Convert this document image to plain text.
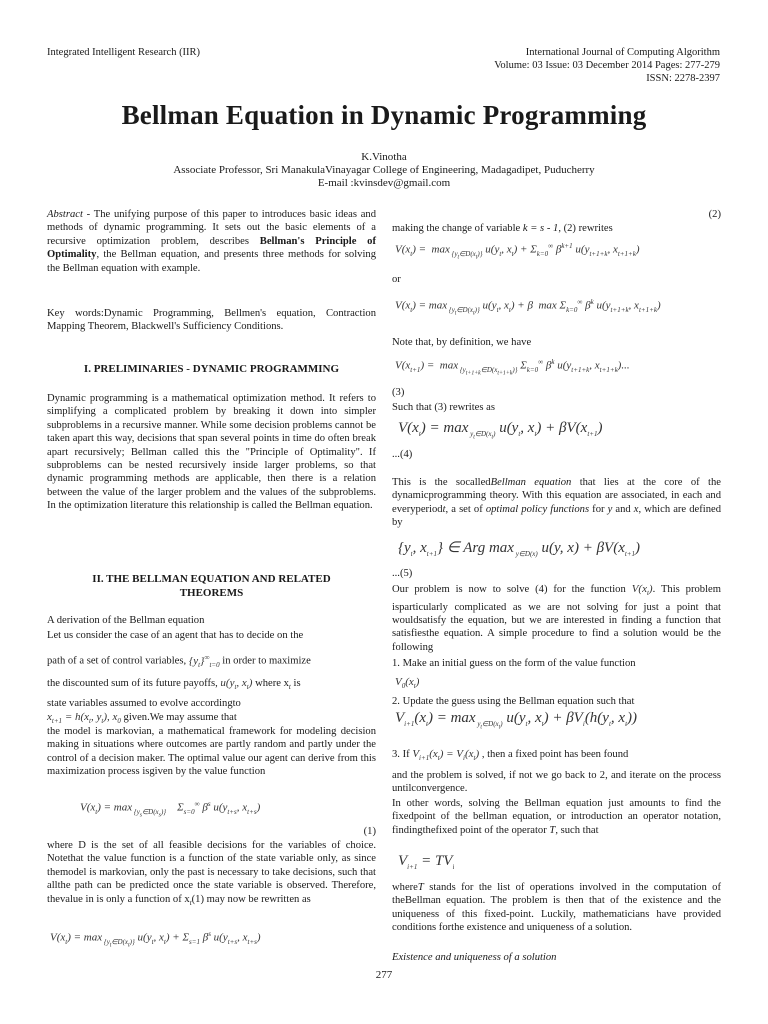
Integrated Intelligent Research (IIR)	International Journal of Computing Algorithm
Volume: 03 Issue: 03 December 2014 Pages: 277-279
ISSN: 2278-2397
Bellman Equation in Dynamic Programming
K.Vinotha
Associate Professor, Sri ManakulaVinayagar College of Engineering, Madagadipet, Puducherry
E-mail :kvinsdev@gmail.com

Abstract - The unifying purpose of this paper to introduces basic ideas and methods of dynamic programming. It sets out the basic elements of a recursive optimization problem, describes Bellman's Principle of Optimality, the Bellman equation, and presents three methods for solving the Bellman equation with example.

Key words:Dynamic Programming, Bellmen's equation, Contraction Mapping Theorem, Blackwell's Sufficiency Conditions.
I. PRELIMINARIES - DYNAMIC PROGRAMMING
Dynamic programming is a mathematical optimization method. It refers to simplifying a complicated problem by breaking it down into simpler subproblems in a recursive manner. While some decision problems cannot be taken apart this way, decisions that span several points in time do often break apart recursively; Bellman called this the "Principle of Optimality". If subproblems can be nested recursively inside larger problems, so that dynamic programming methods are applicable, then there is a relation between the value of the larger problem and the values of the subproblems. In the optimization literature this relationship is called the Bellman equation.
II. THE BELLMAN EQUATION AND RELATED
THEOREMS
A derivation of the Bellman equation
Let us consider the case of an agent that has to decide on the
path of a set of control variables, $\{y_t\}^\infty_{t=0}$ in order to maximize
the discounted sum of its future payoffs, $u(y_t$, $x_t$) where $x_t$ is
state variables assumed to evolve accordingto
$x_{t+1} = h(x_t$, $y_t$), $x_0$ given.We may assume that
the model is markovian, a mathematical framework for modeling decision making in situations where outcomes are partly random and partly under the control of a decision maker. The optimal value our agent can derive from this maximization process isgiven by the value function
$V(x_t) = \max _{\{y_s\in D(x_s)\}}$    $\Sigma_{s=0}^\infty$ $\beta^s$ $u(y_{t+s}$, $x_{t+s}$)
(1)
where D is the set of all feasible decisions for the variables of choice. Notethat the value function is a function of the state variable only, as since themodel is markovian, only the past is necessary to take decisions, such that allthe path can be predicted once the state variable is observed. Therefore, thevalue in is only a function of $x_t(1)$ may now be rewritten as
$V(x_t) = \max _{\{y_t\in D(x_t)\}}$ $u(y_t$, $x_t) + \Sigma_{s=1}$ $\beta^s$ $u(y_{t+s}$, $x_{t+s}$)
(2)
making the change of variable k = s - 1, (2) rewrites
$V(x_t) = \max _{\{y_t\in D(x_t)\}}$ $u(y_t$, $x_t) + \Sigma_{k=0}^\infty$ $\beta^{k+1}$ $u(y_{t+1+k}$, $x_{t+1+k}$)
or
$V(x_t) = \max _{\{y_t\in D(x_t)\}}$ $u(y_t$, $x_t) + \beta$  $\max \Sigma_{k=0}^\infty$ $\beta^k$ $u(y_{t+1+k}$, $x_{t+1+k}$)
Note that, by definition, we have
$V(x_{t+1}) = \max _{\{y_{t+1+k}\in D(x_{t+1+k})\}}$ $\Sigma_{k=0}^\infty$ $\beta^k$ $u(y_{t+1+k}$, $x_{t+1+k}$)...
(3)
Such that (3) rewrites as
$V(x_t) = \max _{y_t\in D(x_t)}$ $u(y_t$, $x_t) + \beta V(x_{t+1})$
...(4)
This is the socalledBellman equation that lies at the core of the dynamicprogramming theory. With this equation are associated, in each and everyperiodt, a set of optimal policy functions for y and x, which are defined by
{$y_t$, $x_{t+1}$} ∈ Arg max $_{y\in D(x)}$ u(y, $x) + \beta V(x_{t+1})$
...(5)
Our problem is now to solve (4) for the function $V(x_t)$. This problem isparticularly complicated as we are not solving for just a point that wouldsatisfy the equation, but we are interested in finding a function that satisfiesthe equation. A simple procedure to find a solution would be the following
1. Make an initial guess on the form of the value function
$V_0(x_t)$
2. Update the guess using the Bellman equation such that
$V_{i+1}(x_t) = \max _{y_t\in D(x_t)}$ $u(y_t$, $x_t) + \beta V_i(h(y_t$, $x_t$))
3. If $V_{i+1}(x_t) = V_i(x_t)$ , then a fixed point has been found
and the problem is solved, if not we go back to 2, and iterate on the process untilconvergence.
In other words, solving the Bellman equation just amounts to find the fixedpoint of the bellman equation, or introduction an operator notation, findingthefixed point of the operator T, such that
$V_{i+1} = TV_i$
whereT stands for the list of operations involved in the computation of theBellman equation. The problem is then that of the existence and the uniqueness of this fixed-point. Luckily, mathematicians have provided conditions forthe existence and uniqueness of a solution.
Existence and uniqueness of a solution
277
